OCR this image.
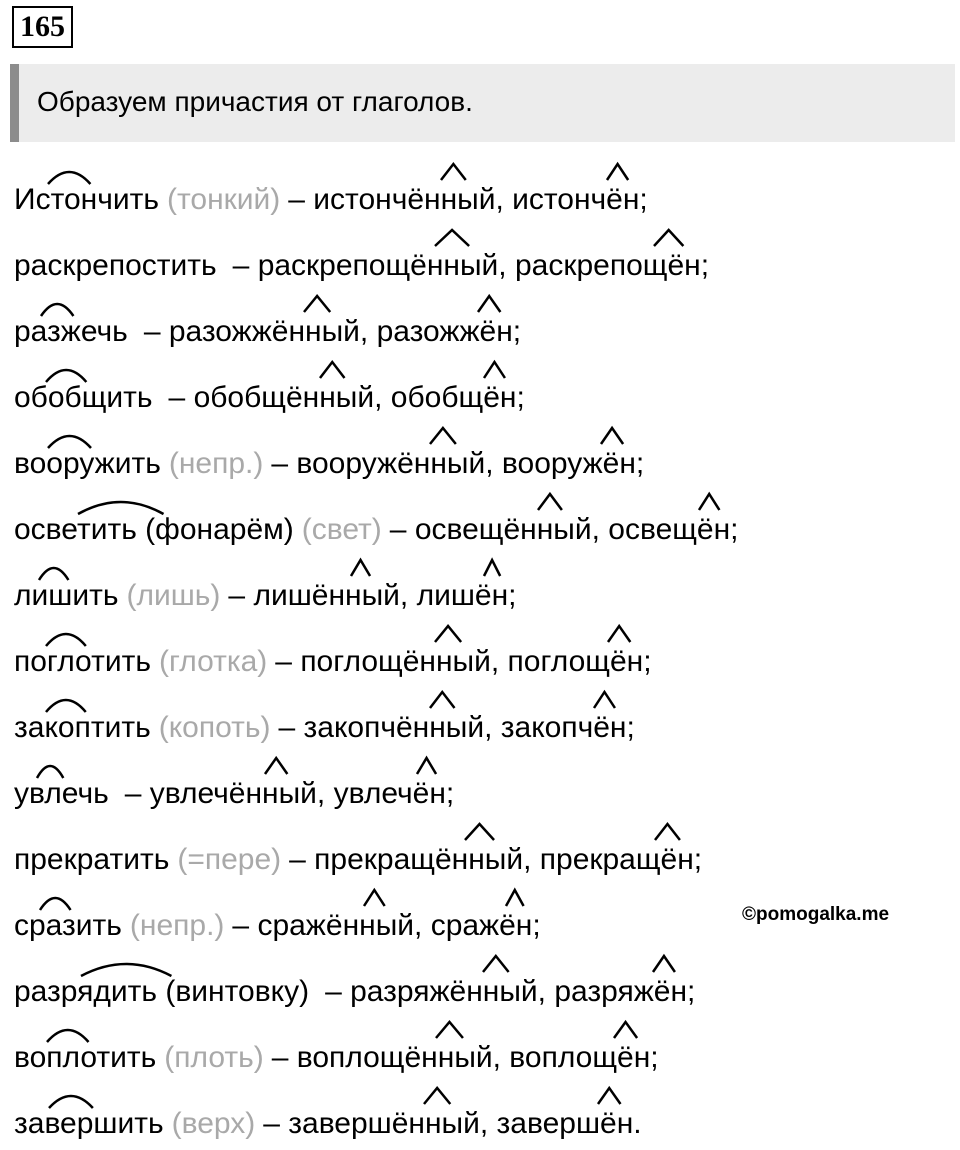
165
Образуем причастия от глаголов.
Истончить (тонкий) – истончённый, истончён;
раскрепостить – раскрепощённый, раскрепощён;
разжечь – разожжённый, разожжён;
обобщить – обобщённый, обобщён;
вооружить (непр.) – вооружённый, вооружён;
осветить (фонарём) (свет) – освещённый, освещён;
лишить (лишь) – лишённый, лишён;
поглотить (глотка) – поглощённый, поглощён;
закоптить (копоть) – закопчённый, закопчён;
увлечь – увлечённый, увлечён;
прекратить (=пере) – прекращённый, прекращён;
сразить (непр.) – сражённый, сражён;
разрядить (винтовку) – разряжённый, разряжён;
воплотить (плоть) – воплощённый, воплощён;
завершить (верх) – завершённый, завершён.
©pomogalka.me
